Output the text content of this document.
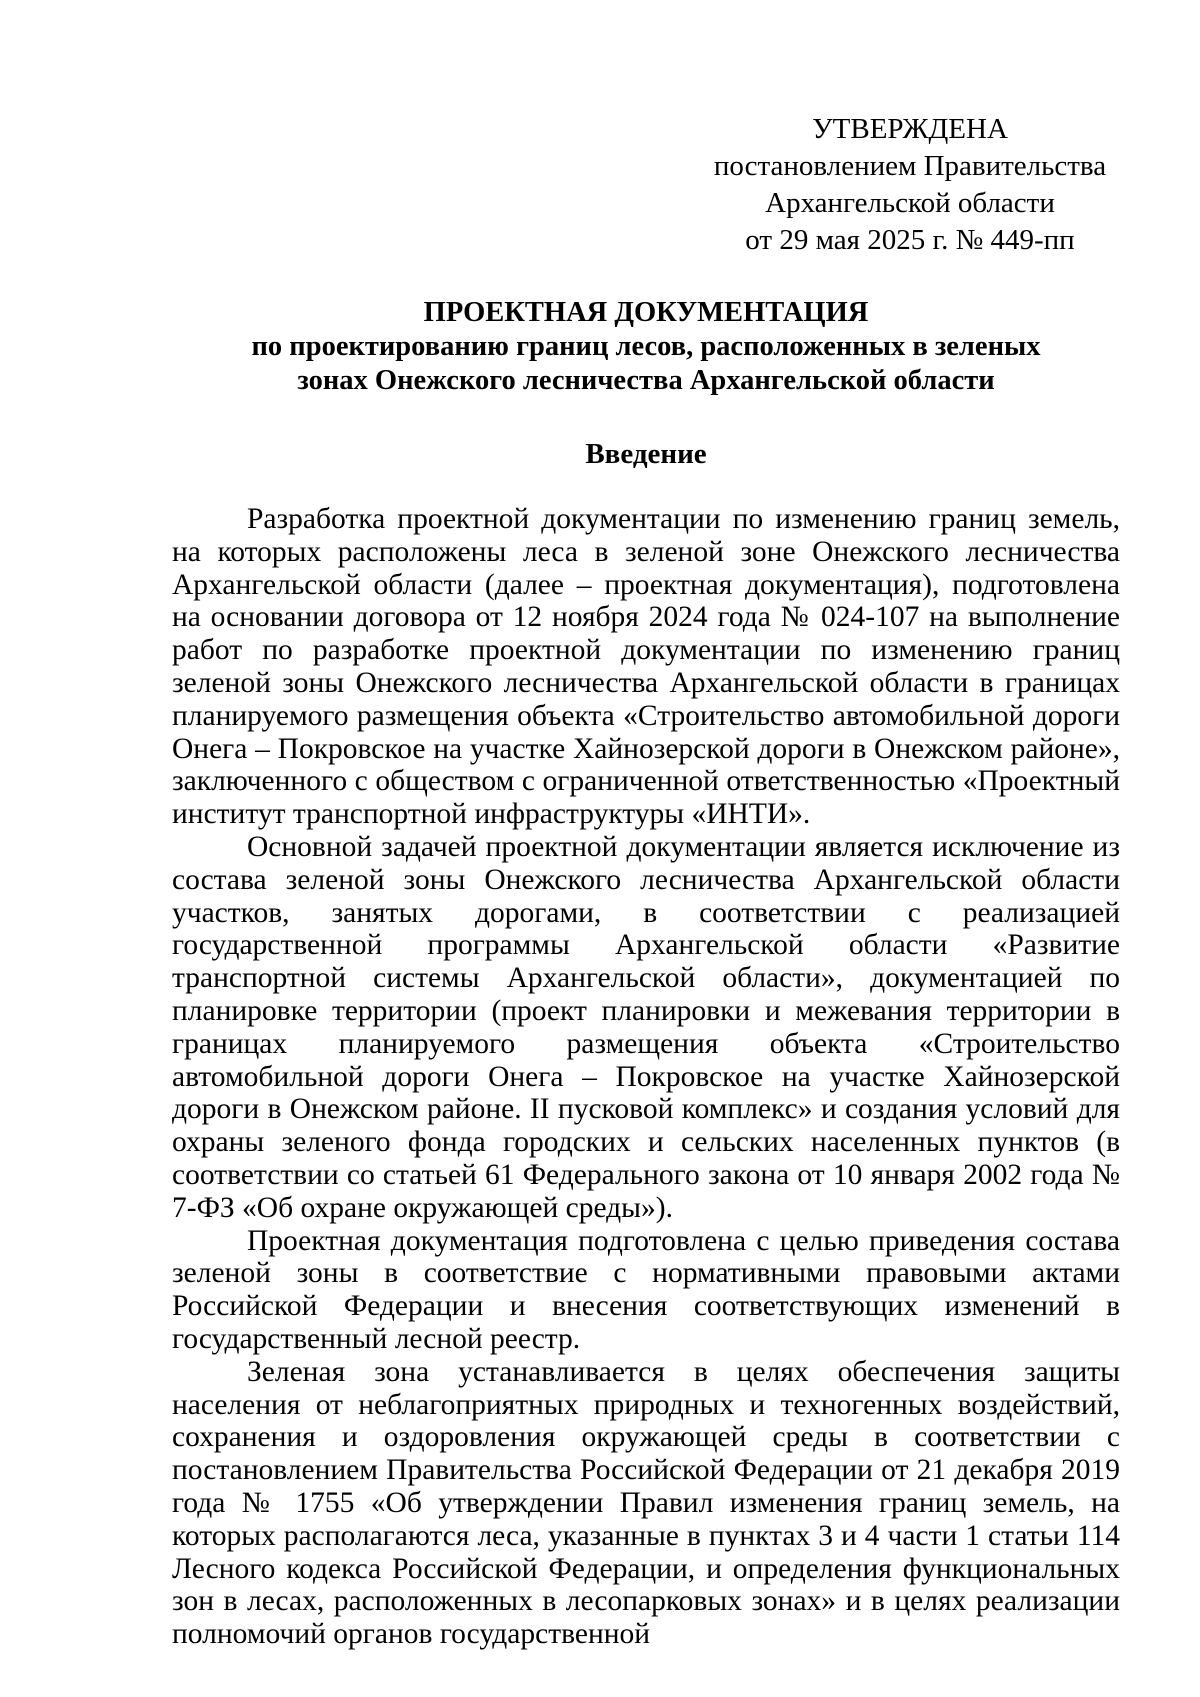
УТВЕРЖДЕНА
постановлением Правительства
Архангельской области
от 29 мая 2025 г. № 449-пп
ПРОЕКТНАЯ ДОКУМЕНТАЦИЯ
по проектированию границ лесов, расположенных в зеленых
зонах Онежского лесничества Архангельской области
Введение

Разработка проектной документации по изменению границ земель, на которых расположены леса в зеленой зоне Онежского лесничества Архангельской области (далее – проектная документация), подготовлена на основании договора от 12 ноября 2024 года № 024-107 на выполнение работ по разработке проектной документации по изменению границ зеленой зоны Онежского лесничества Архангельской области в границах планируемого размещения объекта «Строительство автомобильной дороги Онега – Покровское на участке Хайнозерской дороги в Онежском районе», заключенного с обществом с ограниченной ответственностью «Проектный институт транспортной инфраструктуры «ИНТИ».

Основной задачей проектной документации является исключение из состава зеленой зоны Онежского лесничества Архангельской области участков, занятых дорогами, в соответствии с реализацией государственной программы Архангельской области «Развитие транспортной системы Архангельской области», документацией по планировке территории (проект планировки и межевания территории в границах планируемого размещения объекта «Строительство автомобильной дороги Онега – Покровское на участке Хайнозерской дороги в Онежском районе. II пусковой комплекс» и создания условий для охраны зеленого фонда городских и сельских населенных пунктов (в соответствии со статьей 61 Федерального закона от 10 января 2002 года № 7-ФЗ «Об охране окружающей среды»).

Проектная документация подготовлена с целью приведения состава зеленой зоны в соответствие с нормативными правовыми актами Российской Федерации и внесения соответствующих изменений в государственный лесной реестр.

Зеленая зона устанавливается в целях обеспечения защиты населения от неблагоприятных природных и техногенных воздействий, сохранения и оздоровления окружающей среды в соответствии с постановлением Правительства Российской Федерации от 21 декабря 2019 года № 1755 «Об утверждении Правил изменения границ земель, на которых располагаются леса, указанные в пунктах 3 и 4 части 1 статьи 114 Лесного кодекса Российской Федерации, и определения функциональных зон в лесах, расположенных в лесопарковых зонах» и в целях реализации полномочий органов государственной
